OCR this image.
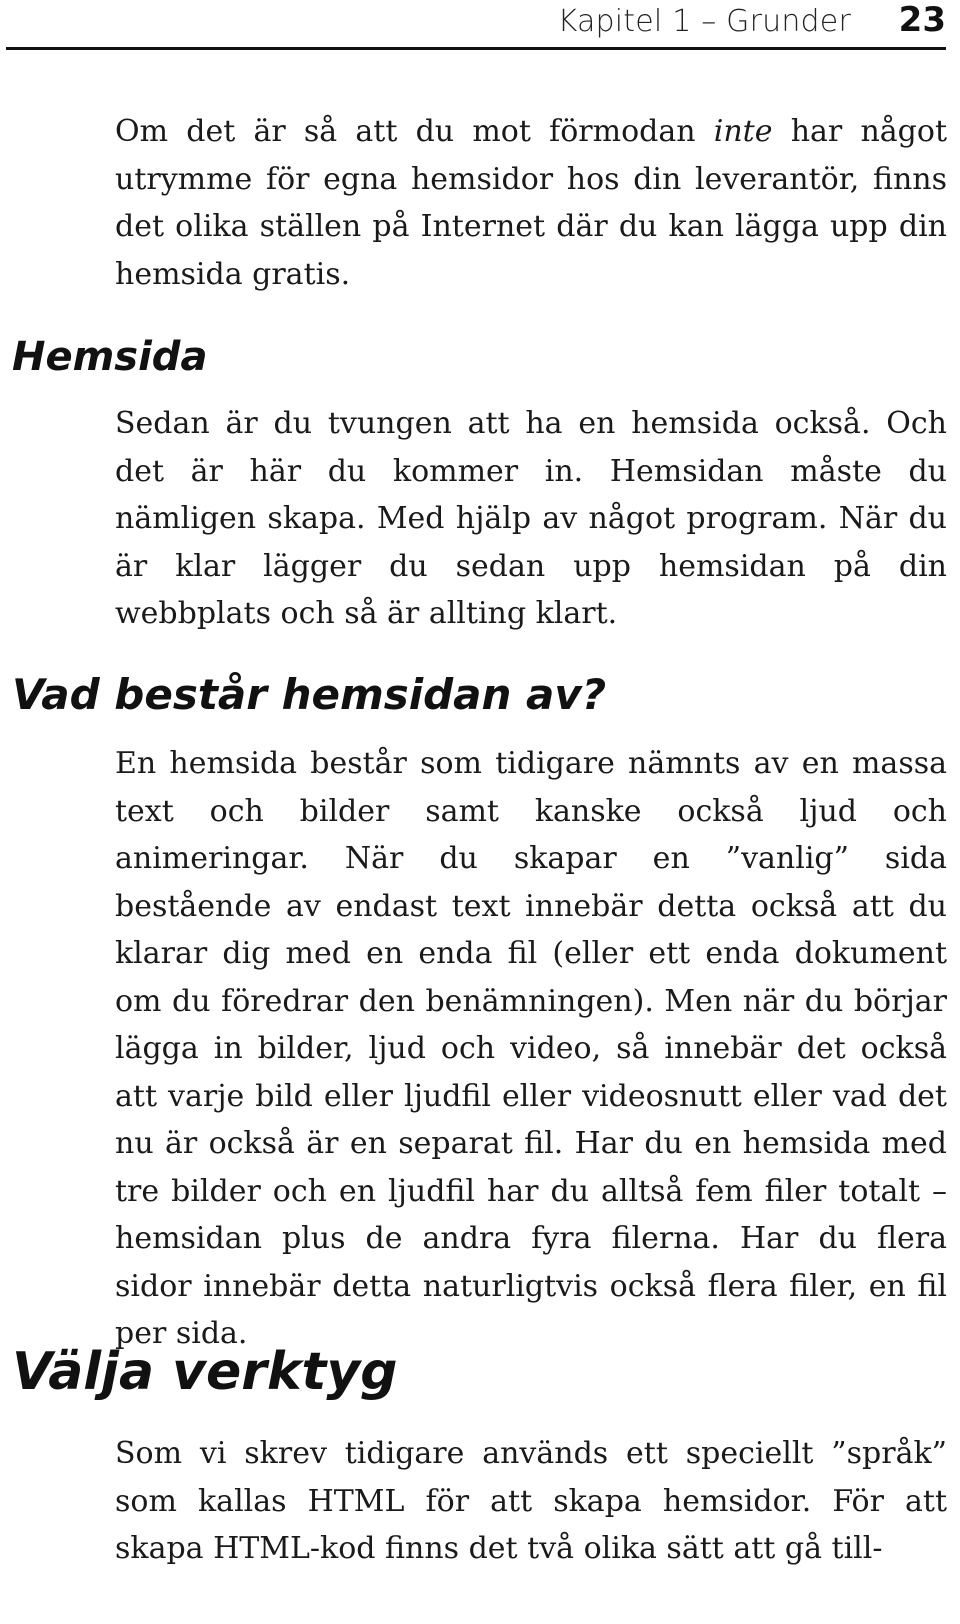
Kapitel 1 – Grunder 23

Om det är så att du mot förmodan inte har något utrymme för egna hemsidor hos din leverantör, finns det olika ställen på Internet där du kan lägga upp din hemsida gratis.

Hemsida

Sedan är du tvungen att ha en hemsida också. Och det är här du kommer in. Hemsidan måste du nämligen skapa. Med hjälp av något program. När du är klar lägger du sedan upp hemsidan på din webbplats och så är allting klart.

Vad består hemsidan av?

En hemsida består som tidigare nämnts av en massa text och bilder samt kanske också ljud och animeringar. När du skapar en ”vanlig” sida bestående av endast text innebär detta också att du klarar dig med en enda fil (eller ett enda dokument om du föredrar den benämningen). Men när du börjar lägga in bilder, ljud och video, så innebär det också att varje bild eller ljudfil eller videosnutt eller vad det nu är också är en separat fil. Har du en hemsida med tre bilder och en ljudfil har du alltså fem filer totalt – hemsidan plus de andra fyra filerna. Har du flera sidor innebär detta naturligtvis också flera filer, en fil per sida.

Välja verktyg

Som vi skrev tidigare används ett speciellt ”språk” som kallas HTML för att skapa hemsidor. För att skapa HTML-kod finns det två olika sätt att gå till-
